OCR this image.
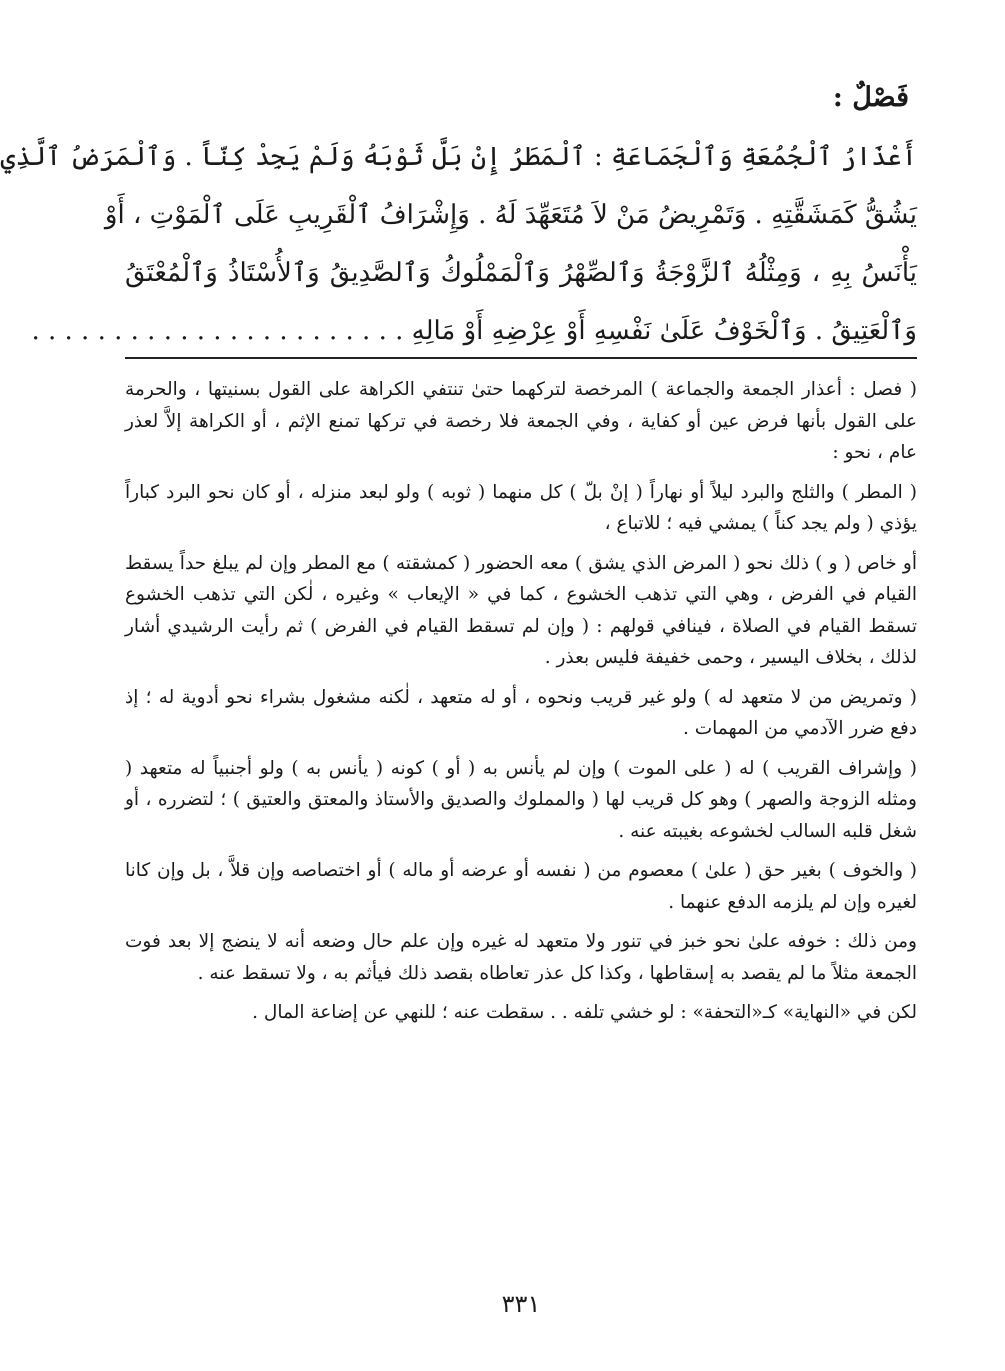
فَصْلٌ :
أَعْذَارُ ٱلْجُمُعَةِ وَٱلْجَمَاعَةِ : ٱلْمَطَرُ إِنْ بَلَّ ثَوْبَهُ وَلَمْ يَجِدْ كِنّاً . وَٱلْمَرَضُ ٱلَّذِي
يَشُقُّ كَمَشَقَّتِهِ . وَتَمْرِيضُ مَنْ لاَ مُتَعَهِّدَ لَهُ . وَإِشْرَافُ ٱلْقَرِيبِ عَلَى ٱلْمَوْتِ ، أَوْ
يَأْنَسُ بِهِ ، وَمِثْلُهُ ٱلزَّوْجَةُ وَٱلصِّهْرُ وَٱلْمَمْلُوكُ وَٱلصَّدِيقُ وَٱلأُسْتَاذُ وَٱلْمُعْتَقُ
وَٱلْعَتِيقُ . وَٱلْخَوْفُ عَلَىٰ نَفْسِهِ أَوْ عِرْضِهِ أَوْ مَالِهِ . . . . . . . . . . . . . . . . . . . . . . .

( فصل : أعذار الجمعة والجماعة ) المرخصة لتركهما حتىٰ تنتفي الكراهة على القول بسنيتها ، والحرمة على القول بأنها فرض عين أو كفاية ، وفي الجمعة فلا رخصة في تركها تمنع الإثم ، أو الكراهة إلاَّ لعذر عام ، نحو :

( المطر ) والثلج والبرد ليلاً أو نهاراً ( إنْ بلّ ) كل منهما ( ثوبه ) ولو لبعد منزله ، أو كان نحو البرد كباراً يؤذي ( ولم يجد كناً ) يمشي فيه ؛ للاتباع ،

أو خاص ( و ) ذلك نحو ( المرض الذي يشق ) معه الحضور ( كمشقته ) مع المطر وإن لم يبلغ حداً يسقط القيام في الفرض ، وهي التي تذهب الخشوع ، كما في « الإيعاب » وغيره ، لٰكن التي تذهب الخشوع تسقط القيام في الصلاة ، فينافي قولهم : ( وإن لم تسقط القيام في الفرض ) ثم رأيت الرشيدي أشار لذلك ، بخلاف اليسير ، وحمى خفيفة فليس بعذر .

( وتمريض من لا متعهد له ) ولو غير قريب ونحوه ، أو له متعهد ، لٰكنه مشغول بشراء نحو أدوية له ؛ إذ دفع ضرر الآدمي من المهمات .

( وإشراف القريب ) له ( على الموت ) وإن لم يأنس به ( أو ) كونه ( يأنس به ) ولو أجنبياً له متعهد ( ومثله الزوجة والصهر ) وهو كل قريب لها ( والمملوك والصديق والأستاذ والمعتق والعتيق ) ؛ لتضرره ، أو شغل قلبه السالب لخشوعه بغيبته عنه .

( والخوف ) بغير حق ( علىٰ ) معصوم من ( نفسه أو عرضه أو ماله ) أو اختصاصه وإن قلاَّ ، بل وإن كانا لغيره وإن لم يلزمه الدفع عنهما .

ومن ذلك : خوفه علىٰ نحو خبز في تنور ولا متعهد له غيره وإن علم حال وضعه أنه لا ينضج إلا بعد فوت الجمعة مثلاً ما لم يقصد به إسقاطها ، وكذا كل عذر تعاطاه بقصد ذلك فيأثم به ، ولا تسقط عنه .

لكن في «النهاية» كـ«التحفة» : لو خشي تلفه . . سقطت عنه ؛ للنهي عن إضاعة المال .

٣٣١
